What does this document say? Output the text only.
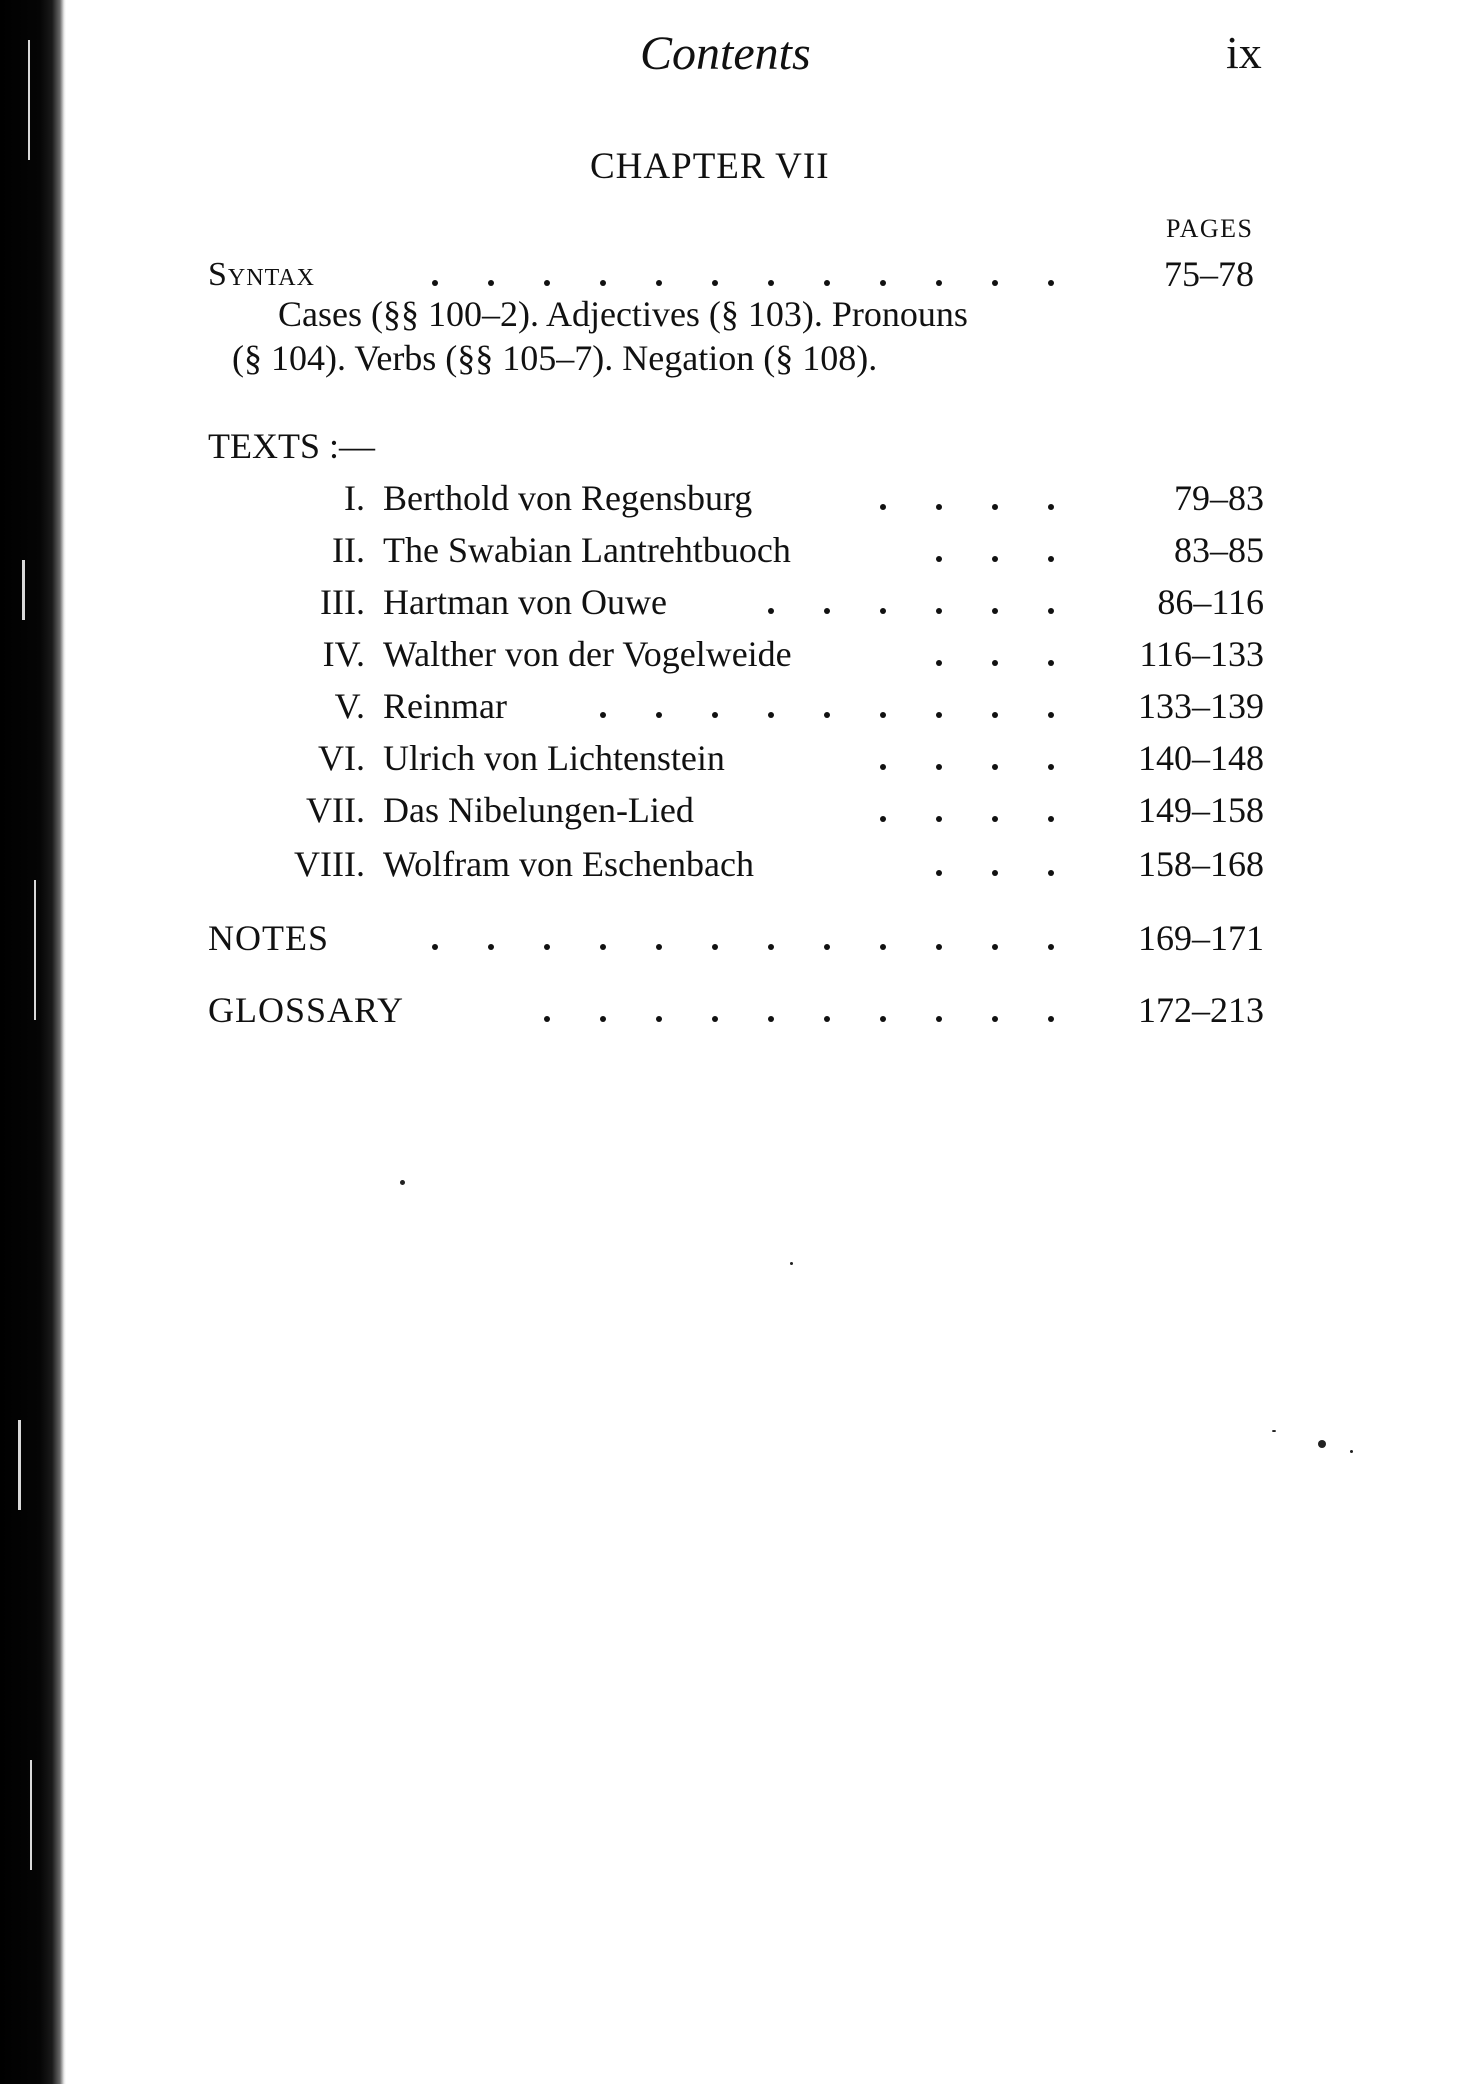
Contents	ix
CHAPTER VII
PAGES
Syntax	75–78
Cases (§§ 100–2). Adjectives (§ 103). Pronouns
(§ 104). Verbs (§§ 105–7). Negation (§ 108).
TEXTS :—
I. Berthold von Regensburg	79–83
II. The Swabian Lantrehtbuoch	83–85
III. Hartman von Ouwe	86–116
IV. Walther von der Vogelweide	116–133
V. Reinmar	133–139
VI. Ulrich von Lichtenstein	140–148
VII. Das Nibelungen-Lied	149–158
VIII. Wolfram von Eschenbach	158–168
NOTES	169–171
GLOSSARY	172–213
